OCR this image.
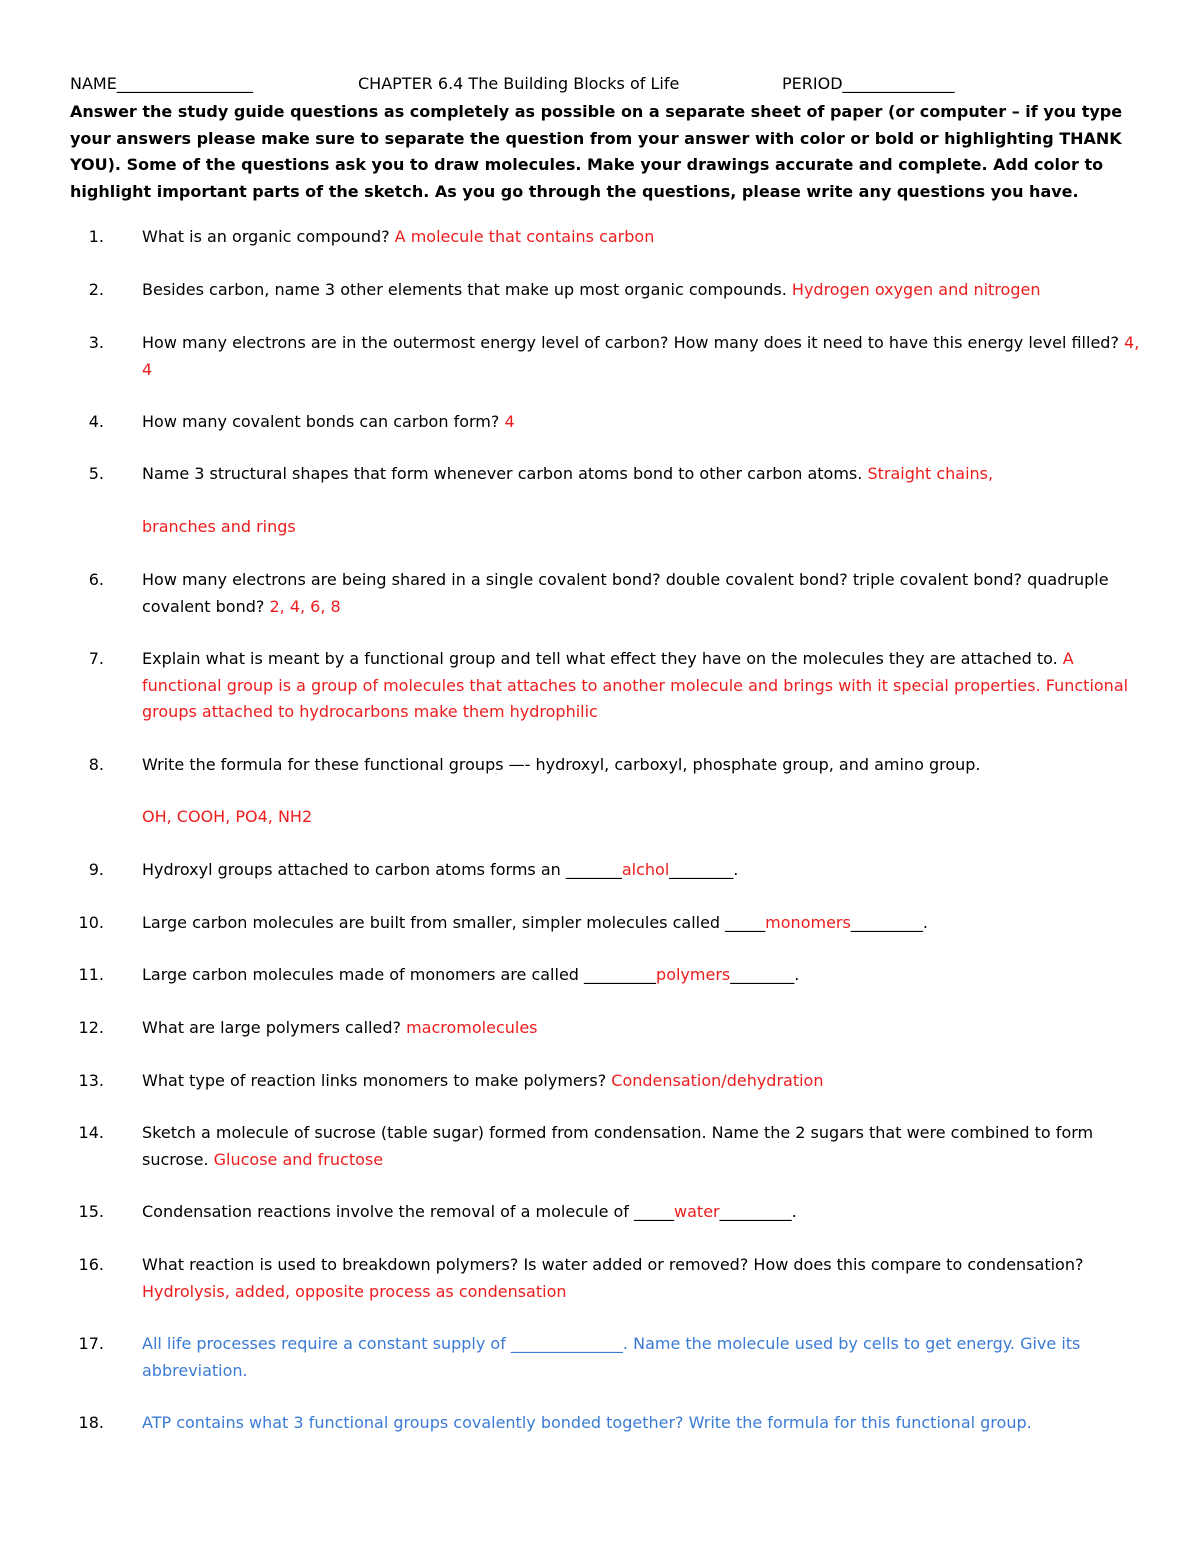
NAME_________________	CHAPTER 6.4 The Building Blocks of Life	PERIOD______________
Answer the study guide questions as completely as possible on a separate sheet of paper (or computer – if you type your answers please make sure to separate the question from your answer with color or bold or highlighting THANK YOU). Some of the questions ask you to draw molecules. Make your drawings accurate and complete. Add color to highlight important parts of the sketch. As you go through the questions, please write any questions you have.
1. What is an organic compound? A molecule that contains carbon
2. Besides carbon, name 3 other elements that make up most organic compounds. Hydrogen oxygen and nitrogen
3. How many electrons are in the outermost energy level of carbon? How many does it need to have this energy level filled? 4, 4
4. How many covalent bonds can carbon form? 4
5. Name 3 structural shapes that form whenever carbon atoms bond to other carbon atoms. Straight chains,
branches and rings
6. How many electrons are being shared in a single covalent bond? double covalent bond? triple covalent bond? quadruple covalent bond? 2, 4, 6, 8
7. Explain what is meant by a functional group and tell what effect they have on the molecules they are attached to. A functional group is a group of molecules that attaches to another molecule and brings with it special properties. Functional groups attached to hydrocarbons make them hydrophilic
8. Write the formula for these functional groups —- hydroxyl, carboxyl, phosphate group, and amino group.
OH, COOH, PO4, NH2
9. Hydroxyl groups attached to carbon atoms forms an _______alchol________.
10. Large carbon molecules are built from smaller, simpler molecules called _____monomers_________.
11. Large carbon molecules made of monomers are called _________polymers________.
12. What are large polymers called? macromolecules
13. What type of reaction links monomers to make polymers? Condensation/dehydration
14. Sketch a molecule of sucrose (table sugar) formed from condensation. Name the 2 sugars that were combined to form sucrose. Glucose and fructose
15. Condensation reactions involve the removal of a molecule of _____water_________.
16. What reaction is used to breakdown polymers? Is water added or removed? How does this compare to condensation? Hydrolysis, added, opposite process as condensation
17. All life processes require a constant supply of ______________. Name the molecule used by cells to get energy. Give its abbreviation.
18. ATP contains what 3 functional groups covalently bonded together? Write the formula for this functional group.
